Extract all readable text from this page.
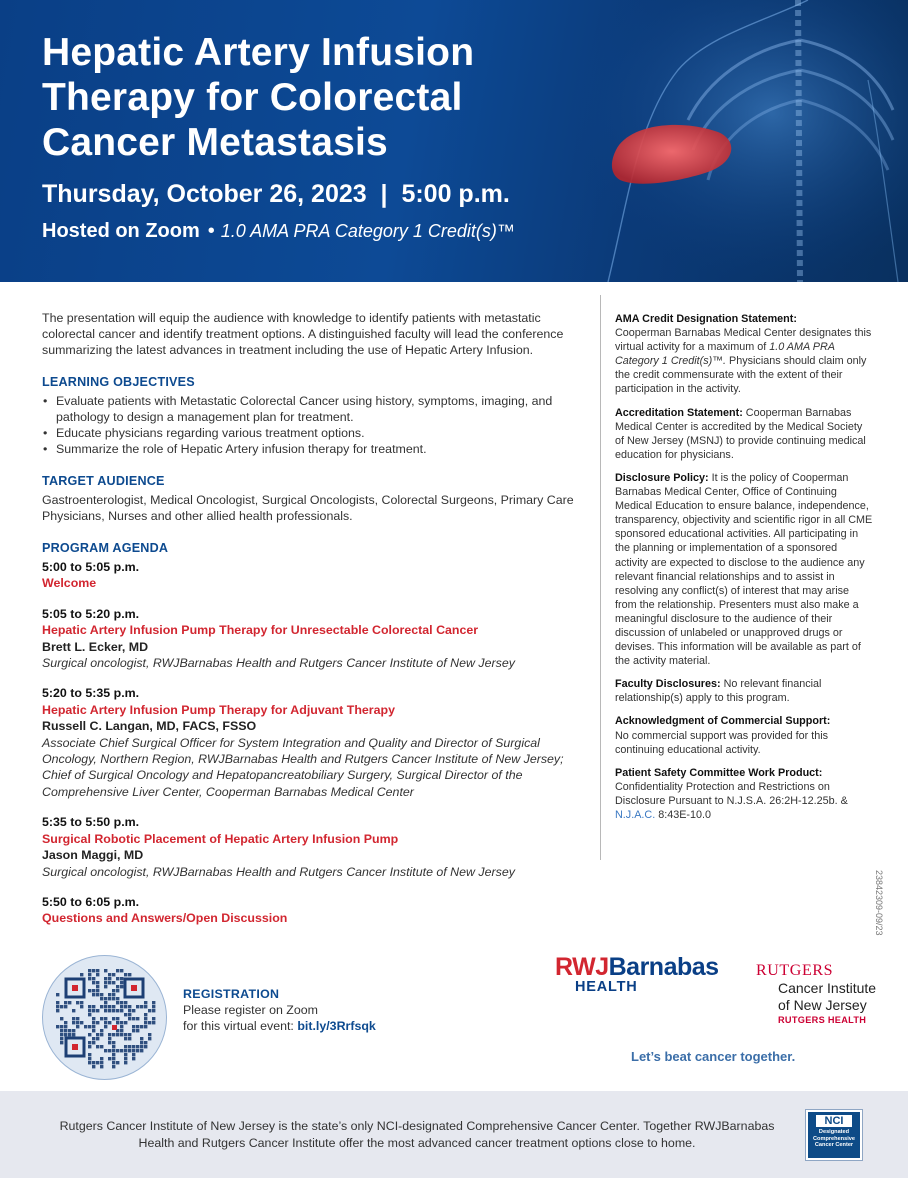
Hepatic Artery Infusion Therapy for Colorectal Cancer Metastasis
Thursday, October 26, 2023  |  5:00 p.m.
Hosted on Zoom • 1.0 AMA PRA Category 1 Credit(s)™

The presentation will equip the audience with knowledge to identify patients with metastatic colorectal cancer and identify treatment options. A distinguished faculty will lead the conference summarizing the latest advances in treatment including the use of Hepatic Artery Infusion.

LEARNING OBJECTIVES
• Evaluate patients with Metastatic Colorectal Cancer using history, symptoms, imaging, and pathology to design a management plan for treatment.
• Educate physicians regarding various treatment options.
• Summarize the role of Hepatic Artery infusion therapy for treatment.
TARGET AUDIENCE

Gastroenterologist, Medical Oncologist, Surgical Oncologists, Colorectal Surgeons, Primary Care Physicians, Nurses and other allied health professionals.

PROGRAM AGENDA
5:00 to 5:05 p.m.
Welcome
5:05 to 5:20 p.m.
Hepatic Artery Infusion Pump Therapy for Unresectable Colorectal Cancer
Brett L. Ecker, MD
Surgical oncologist, RWJBarnabas Health and Rutgers Cancer Institute of New Jersey
5:20 to 5:35 p.m.
Hepatic Artery Infusion Pump Therapy for Adjuvant Therapy
Russell C. Langan, MD, FACS, FSSO
Associate Chief Surgical Officer for System Integration and Quality and Director of Surgical Oncology, Northern Region, RWJBarnabas Health and Rutgers Cancer Institute of New Jersey; Chief of Surgical Oncology and Hepatopancreatobiliary Surgery, Surgical Director of the Comprehensive Liver Center, Cooperman Barnabas Medical Center
5:35 to 5:50 p.m.
Surgical Robotic Placement of Hepatic Artery Infusion Pump
Jason Maggi, MD
Surgical oncologist, RWJBarnabas Health and Rutgers Cancer Institute of New Jersey
5:50 to 6:05 p.m.
Questions and Answers/Open Discussion

AMA Credit Designation Statement:
Cooperman Barnabas Medical Center designates this virtual activity for a maximum of 1.0 AMA PRA Category 1 Credit(s)™. Physicians should claim only the credit commensurate with the extent of their participation in the activity.

Accreditation Statement: Cooperman Barnabas Medical Center is accredited by the Medical Society of New Jersey (MSNJ) to provide continuing medical education for physicians.

Disclosure Policy: It is the policy of Cooperman Barnabas Medical Center, Office of Continuing Medical Education to ensure balance, independence, transparency, objectivity and scientific rigor in all CME sponsored educational activities. All participating in the planning or implementation of a sponsored activity are expected to disclose to the audience any relevant financial relationships and to assist in resolving any conflict(s) of interest that may arise from the relationship. Presenters must also make a meaningful disclosure to the audience of their discussion of unlabeled or unapproved drugs or devises. This information will be available as part of the activity material.

Faculty Disclosures: No relevant financial relationship(s) apply to this program.

Acknowledgment of Commercial Support:
No commercial support was provided for this continuing educational activity.

Patient Safety Committee Work Product:
Confidentiality Protection and Restrictions on Disclosure Pursuant to N.J.S.A. 26:2H-12.25b. & N.J.A.C. 8:43E-10.0

23842309-09/23
REGISTRATION
Please register on Zoom
for this virtual event: bit.ly/3Rrfsqk
RWJBarnabas
HEALTH
RUTGERS
Cancer Institute
of New Jersey
RUTGERS HEALTH
Let’s beat cancer together.
Rutgers Cancer Institute of New Jersey is the state’s only NCI-designated Comprehensive Cancer Center. Together RWJBarnabas Health and Rutgers Cancer Institute offer the most advanced cancer treatment options close to home.
NCI
Designated
Comprehensive
Cancer Center
